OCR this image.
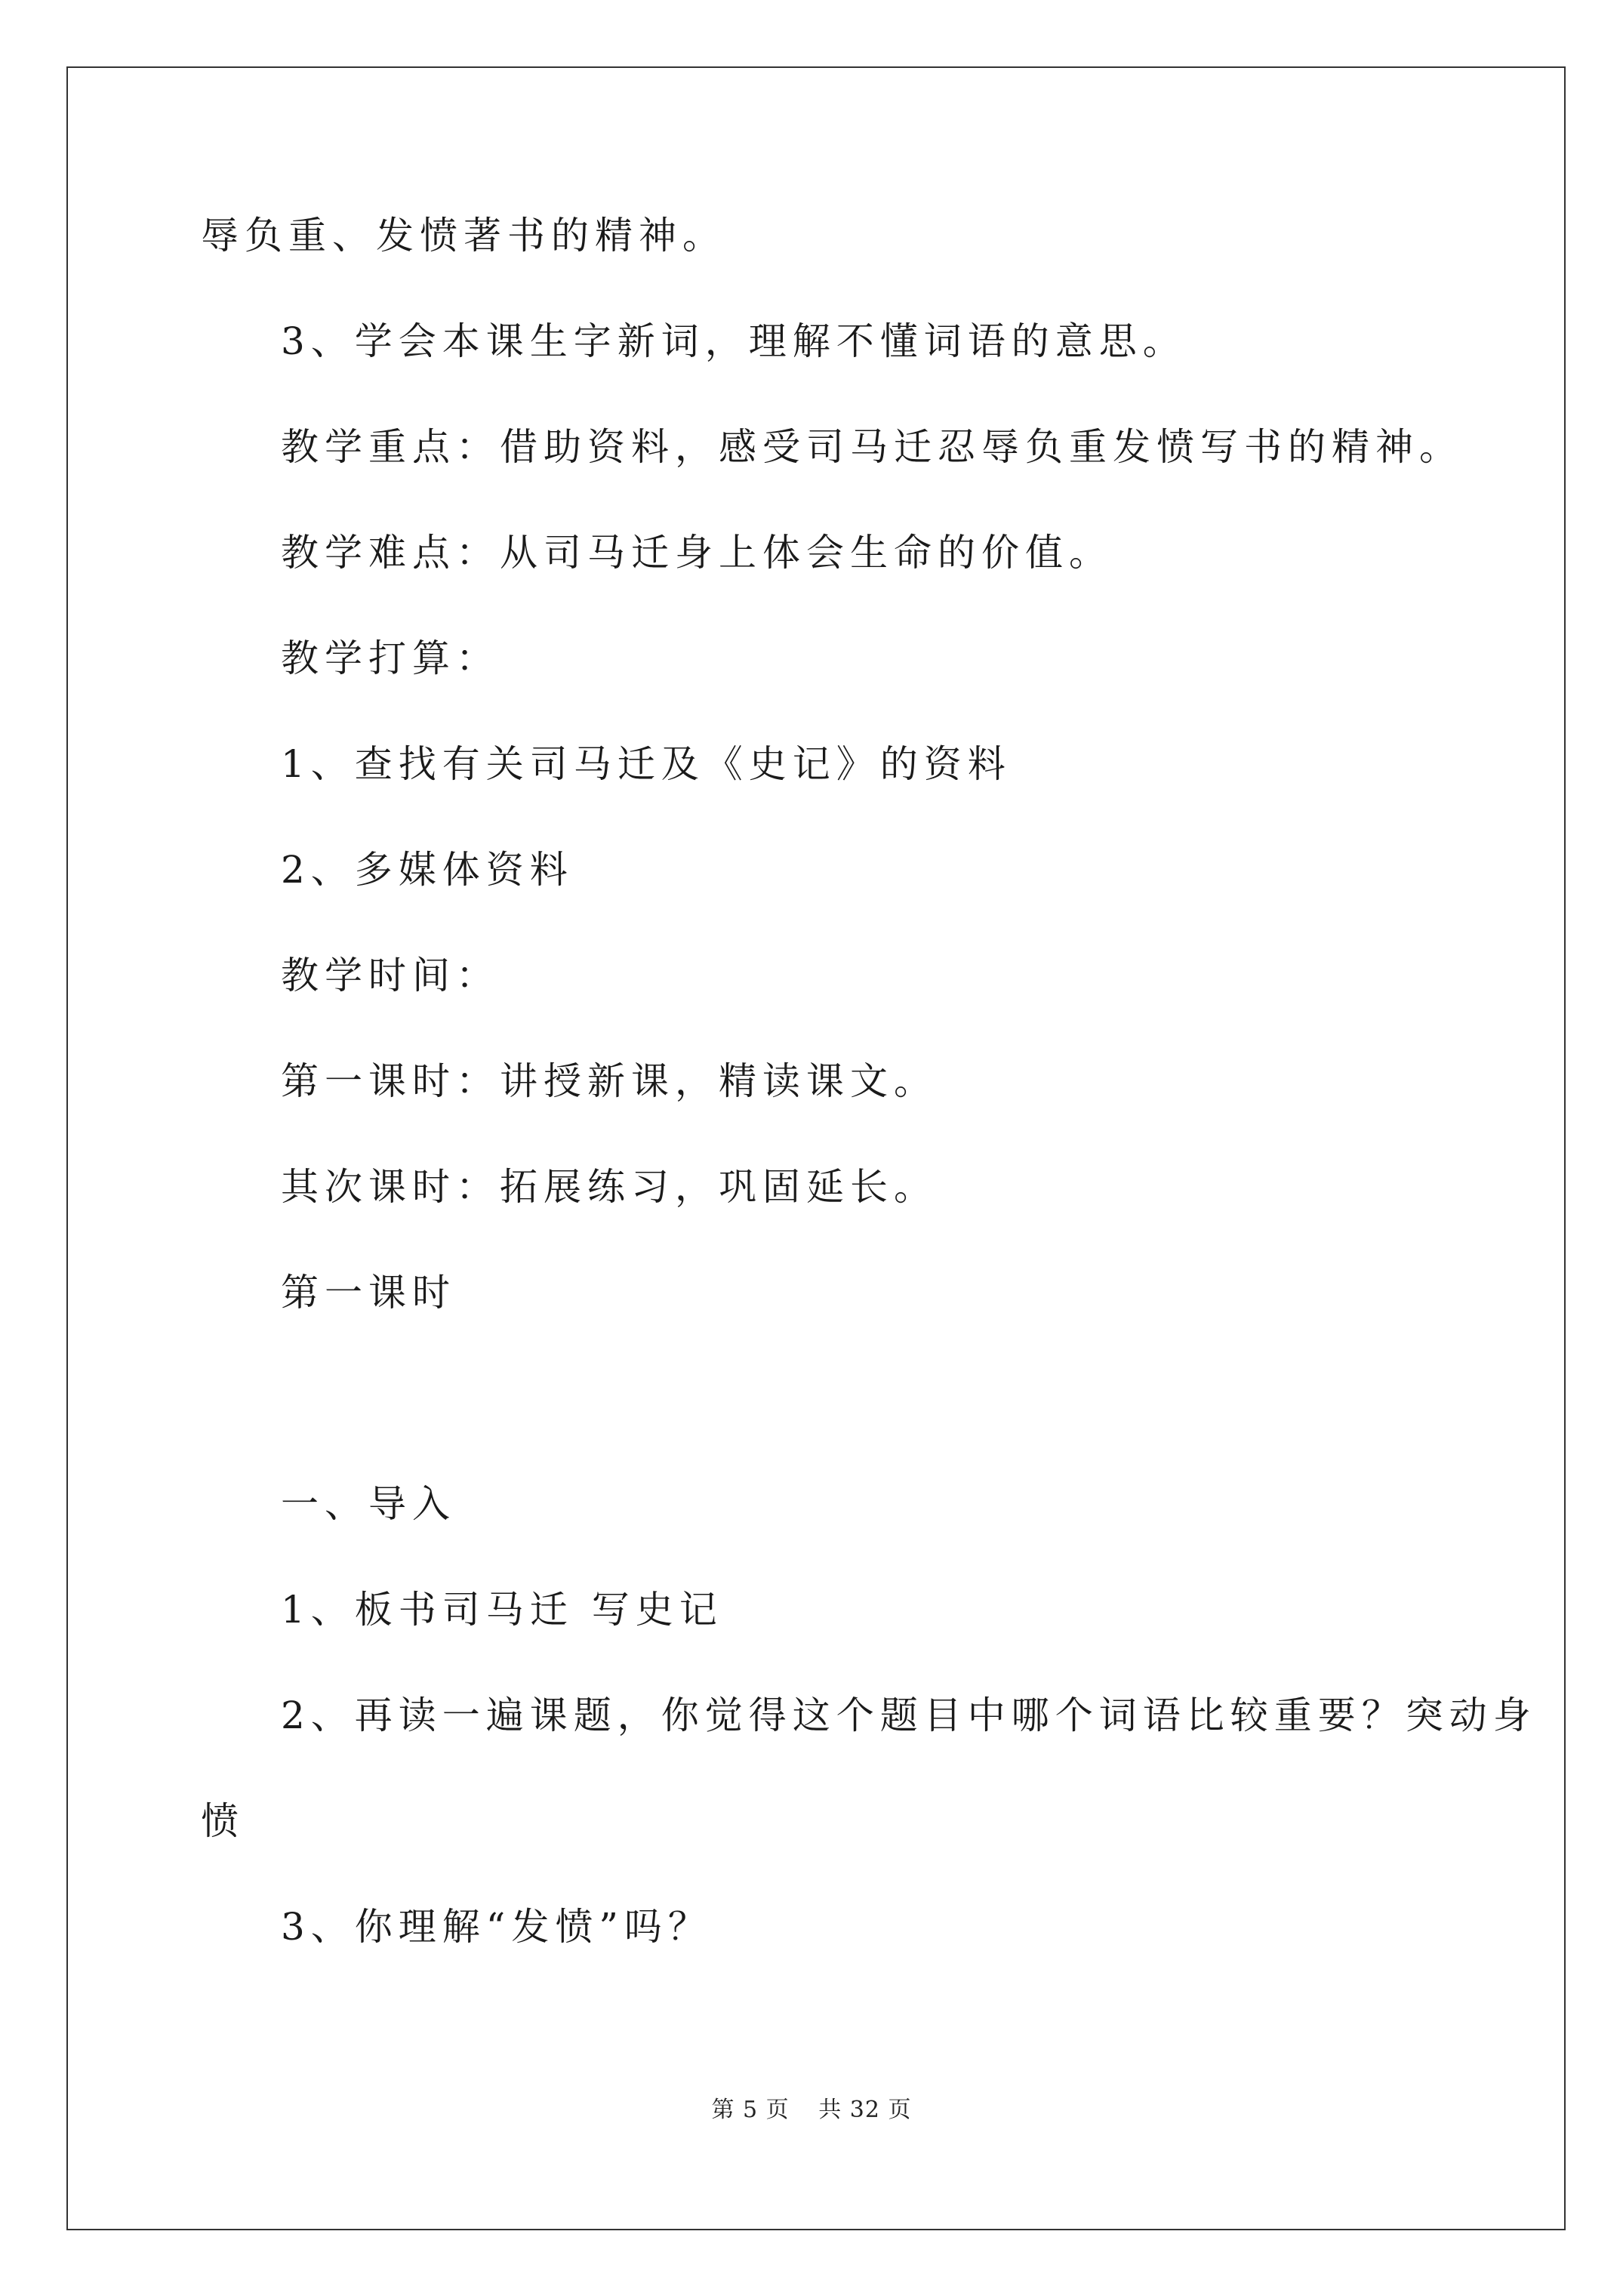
辱负重、发愤著书的精神。
3、学会本课生字新词，理解不懂词语的意思。
教学重点：借助资料，感受司马迁忍辱负重发愤写书的精神。
教学难点：从司马迁身上体会生命的价值。
教学打算：
1、查找有关司马迁及《史记》的资料
2、多媒体资料
教学时间：
第一课时：讲授新课，精读课文。
其次课时：拓展练习，巩固延长。
第一课时
一、导入
1、板书司马迁 写史记
2、再读一遍课题，你觉得这个题目中哪个词语比较重要？突动身
愤
3、你理解“发愤”吗？
第 5 页 共 32 页
